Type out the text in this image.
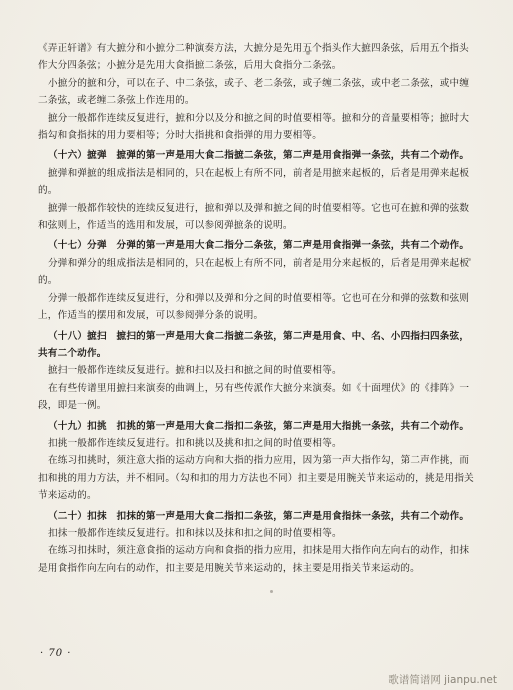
《弄正轩谱》有大摭分和小摭分二种演奏方法，大摭分是先用五个指头作大摭四条弦，后用五个指头作大分四条弦；小摭分是先用大食指摭二条弦，后用大食指分二条弦。

小摭分的摭和分，可以在子、中二条弦，或子、老二条弦，或子缠二条弦，或中老二条弦，或中缠二条弦，或老缠二条弦上作连用的。

摭分一般都作连续反复进行，摭和分以及分和摭之间的时值要相等。摭和分的音量要相等；摭时大指勾和食指抹的用力要相等；分时大指挑和食指弹的用力要相等。

（十六）摭弹　摭弹的第一声是用大食二指摭二条弦，第二声是用食指弹一条弦，共有二个动作。

摭弹和弹摭的组成指法是相同的，只在起板上有所不同，前者是用摭来起板的，后者是用弹来起板的。

摭弹一般都作较快的连续反复进行，摭和弹以及弹和摭之间的时值要相等。它也可在摭和弹的弦数和弦则上，作适当的选用和发展，可以参阅弹摭条的说明。

（十七）分弹　分弹的第一声是用大食二指分二条弦，第二声是用食指弹一条弦，共有二个动作。

分弹和弹分的组成指法是相同的，只在起板上有所不同，前者是用分来起板的，后者是用弹来起板的。

分弹一般都作连续反复进行，分和弹以及弹和分之间的时值要相等。它也可在分和弹的弦数和弦则上，作适当的摆用和发展，可以参阅弹分条的说明。

（十八）摭扫　摭扫的第一声是用大食二指摭二条弦，第二声是用食、中、名、小四指扫四条弦，共有二个动作。

摭扫一般都作连续反复进行。摭和扫以及扫和摭之间的时值要相等。

在有些传谱里用摭扫来演奏的曲调上，另有些传派作大摭分来演奏。如《十面埋伏》的《排阵》一段，即是一例。

（十九）扣挑　扣挑的第一声是用大食二指扣二条弦，第二声是用大指挑一条弦，共有二个动作。

扣挑一般都作连续反复进行。扣和挑以及挑和扣之间的时值要相等。

在练习扣挑时，须注意大指的运动方向和大指的指力应用，因为第一声大指作勾，第二声作挑，而扣和挑的用力方法，并不相同。（勾和扣的用力方法也不同）扣主要是用腕关节来运动的，挑是用指关节来运动的。

（二十）扣抹　扣抹的第一声是用大食二指扣二条弦，第二声是用食指抹一条弦，共有二个动作。

扣抹一般都作连续反复进行。扣和抹以及抹和扣之间的时值要相等。

在练习扣抹时，须注意食指的运动方向和食指的指力应用，扣抹是用大指作向左向右的动作，扣抹是用食指作向左向右的动作，扣主要是用腕关节来运动的，抹主要是用指关节来运动的。

· 70 ·
歌谱简谱网 jianpu.net
